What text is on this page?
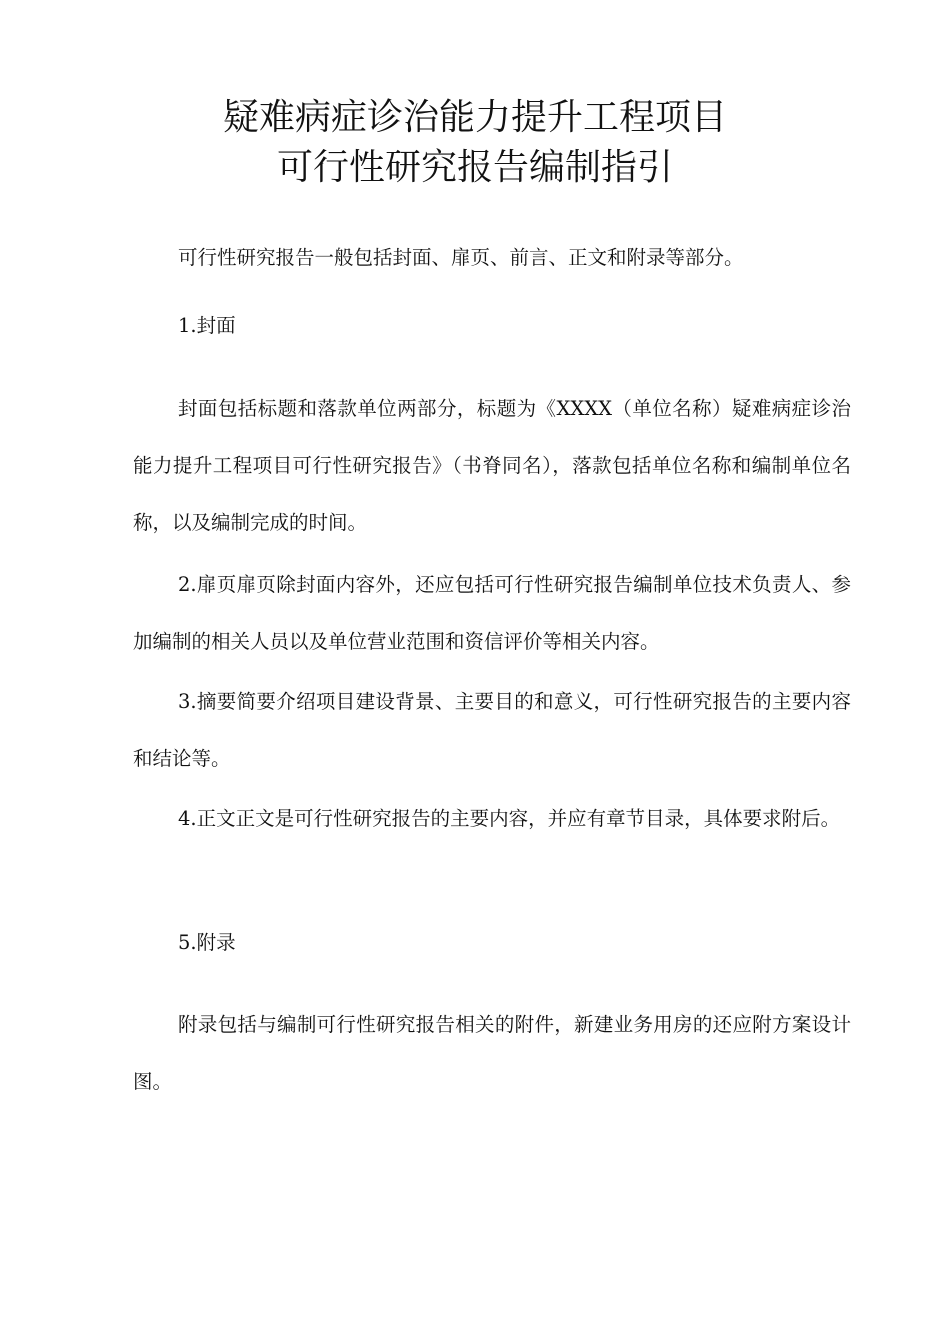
疑难病症诊治能力提升工程项目
可行性研究报告编制指引

可行性研究报告一般包括封面、扉页、前言、正文和附录等部分。

1.封面

封面包括标题和落款单位两部分，标题为《XXXX（单位名称）疑难病症诊治能力提升工程项目可行性研究报告》（书脊同名），落款包括单位名称和编制单位名称，以及编制完成的时间。

2.扉页扉页除封面内容外，还应包括可行性研究报告编制单位技术负责人、参加编制的相关人员以及单位营业范围和资信评价等相关内容。

3.摘要简要介绍项目建设背景、主要目的和意义，可行性研究报告的主要内容和结论等。

4.正文正文是可行性研究报告的主要内容，并应有章节目录，具体要求附后。

5.附录

附录包括与编制可行性研究报告相关的附件，新建业务用房的还应附方案设计图。
